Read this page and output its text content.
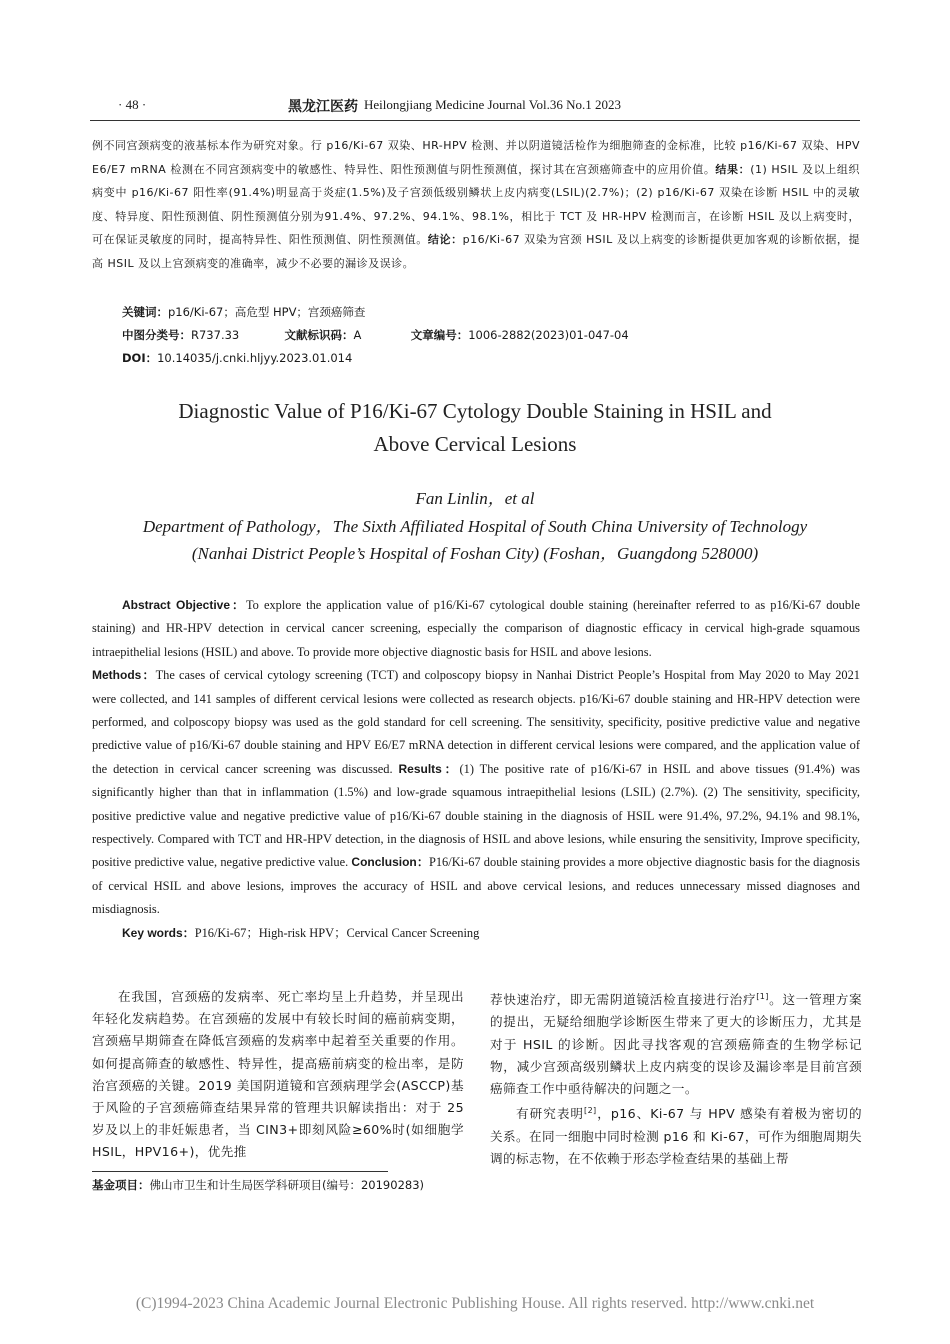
· 48 ·	黑龙江医药 Heilongjiang Medicine Journal Vol.36 No.1 2023
例不同宫颈病变的液基标本作为研究对象。行 p16/Ki-67 双染、HR-HPV 检测、并以阴道镜活检作为细胞筛查的金标准，比较 p16/Ki-67 双染、HPV E6/E7 mRNA 检测在不同宫颈病变中的敏感性、特异性、阳性预测值与阴性预测值，探讨其在宫颈癌筛查中的应用价值。结果：(1) HSIL 及以上组织病变中 p16/Ki-67 阳性率(91.4%)明显高于炎症(1.5%)及子宫颈低级别鳞状上皮内病变(LSIL)(2.7%)；(2) p16/Ki-67 双染在诊断 HSIL 中的灵敏度、特异度、阳性预测值、阴性预测值分别为91.4%、97.2%、94.1%、98.1%，相比于 TCT 及 HR-HPV 检测而言，在诊断 HSIL 及以上病变时，可在保证灵敏度的同时，提高特异性、阳性预测值、阴性预测值。结论：p16/Ki-67 双染为宫颈 HSIL 及以上病变的诊断提供更加客观的诊断依据，提高 HSIL 及以上宫颈病变的准确率，减少不必要的漏诊及误诊。
关键词：p16/Ki-67；高危型 HPV；宫颈癌筛查
中图分类号：R737.33	文献标识码：A	文章编号：1006-2882(2023)01-047-04
DOI：10.14035/j.cnki.hljyy.2023.01.014
Diagnostic Value of P16/Ki-67 Cytology Double Staining in HSIL and
Above Cervical Lesions
Fan Linlin，et al
Department of Pathology，The Sixth Affiliated Hospital of South China University of Technology
(Nanhai District People’s Hospital of Foshan City) (Foshan，Guangdong 528000)

Abstract Objective：To explore the application value of p16/Ki-67 cytological double staining (hereinafter referred to as p16/Ki-67 double staining) and HR-HPV detection in cervical cancer screening, especially the comparison of diagnostic efficacy in cervical high-grade squamous intraepithelial lesions (HSIL) and above. To provide more objective diagnostic basis for HSIL and above lesions.

Methods：The cases of cervical cytology screening (TCT) and colposcopy biopsy in Nanhai District People’s Hospital from May 2020 to May 2021 were collected, and 141 samples of different cervical lesions were collected as research objects. p16/Ki-67 double staining and HR-HPV detection were performed, and colposcopy biopsy was used as the gold standard for cell screening. The sensitivity, specificity, positive predictive value and negative predictive value of p16/Ki-67 double staining and HPV E6/E7 mRNA detection in different cervical lesions were compared, and the application value of the detection in cervical cancer screening was discussed. Results：(1) The positive rate of p16/Ki-67 in HSIL and above tissues (91.4%) was significantly higher than that in inflammation (1.5%) and low-grade squamous intraepithelial lesions (LSIL) (2.7%). (2) The sensitivity, specificity, positive predictive value and negative predictive value of p16/Ki-67 double staining in the diagnosis of HSIL were 91.4%, 97.2%, 94.1% and 98.1%, respectively. Compared with TCT and HR-HPV detection, in the diagnosis of HSIL and above lesions, while ensuring the sensitivity, Improve specificity, positive predictive value, negative predictive value. Conclusion：P16/Ki-67 double staining provides a more objective diagnostic basis for the diagnosis of cervical HSIL and above lesions, improves the accuracy of HSIL and above cervical lesions, and reduces unnecessary missed diagnoses and misdiagnosis.

Key words：P16/Ki-67；High-risk HPV；Cervical Cancer Screening

在我国，宫颈癌的发病率、死亡率均呈上升趋势，并呈现出年轻化发病趋势。在宫颈癌的发展中有较长时间的癌前病变期，宫颈癌早期筛查在降低宫颈癌的发病率中起着至关重要的作用。如何提高筛查的敏感性、特异性，提高癌前病变的检出率，是防治宫颈癌的关键。2019 美国阴道镜和宫颈病理学会(ASCCP)基于风险的子宫颈癌筛查结果异常的管理共识解读指出：对于 25 岁及以上的非妊娠患者，当 CIN3+即刻风险≥60%时(如细胞学 HSIL，HPV16+)，优先推

荐快速治疗，即无需阴道镜活检直接进行治疗[1]。这一管理方案的提出，无疑给细胞学诊断医生带来了更大的诊断压力，尤其是对于 HSIL 的诊断。因此寻找客观的宫颈癌筛查的生物学标记物，减少宫颈高级别鳞状上皮内病变的误诊及漏诊率是目前宫颈癌筛查工作中亟待解决的问题之一。

有研究表明[2]，p16、Ki-67 与 HPV 感染有着极为密切的关系。在同一细胞中同时检测 p16 和 Ki-67，可作为细胞周期失调的标志物，在不依赖于形态学检查结果的基础上帮

基金项目：佛山市卫生和计生局医学科研项目(编号：20190283)
(C)1994-2023 China Academic Journal Electronic Publishing House. All rights reserved. http://www.cnki.net
